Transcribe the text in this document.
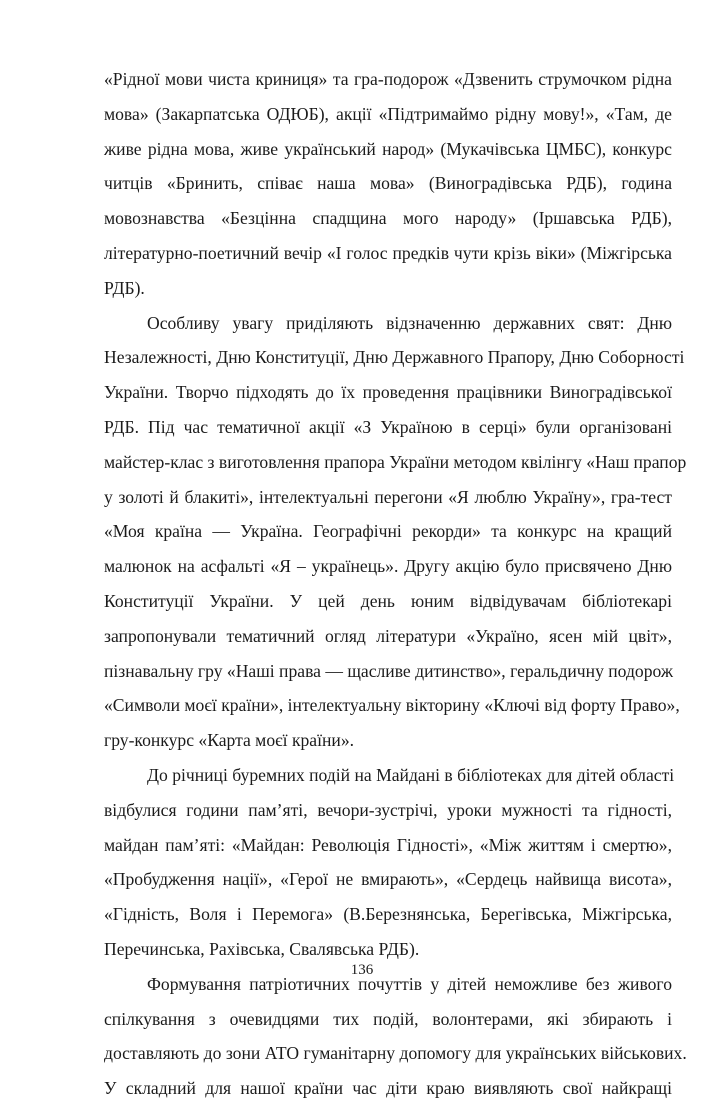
«Рідної мови чиста криниця» та гра-подорож «Дзвенить струмочком рідна
мова» (Закарпатська ОДЮБ), акції «Підтримаймо рідну мову!», «Там, де
живе рідна мова, живе український народ» (Мукачівська ЦМБС), конкурс
читців «Бринить, співає наша мова» (Виноградівська РДБ), година
мовознавства «Безцінна спадщина мого народу» (Іршавська РДБ),
літературно-поетичний вечір «І голос предків чути крізь віки» (Міжгірська
РДБ).
Особливу увагу приділяють відзначенню державних свят: Дню
Незалежності, Дню Конституції, Дню Державного Прапору, Дню Соборності
України. Творчо підходять до їх проведення працівники Виноградівської
РДБ. Під час тематичної акції «З Україною в серці» були організовані
майстер-клас з виготовлення прапора України методом квілінгу «Наш прапор
у золоті й блакиті», інтелектуальні перегони «Я люблю Україну», гра-тест
«Моя країна — Україна. Географічні рекорди» та конкурс на кращий
малюнок на асфальті «Я – українець». Другу акцію було присвячено Дню
Конституції України. У цей день юним відвідувачам бібліотекарі
запропонували тематичний огляд літератури «Україно, ясен мій цвіт»,
пізнавальну гру «Наші права — щасливе дитинство», геральдичну подорож
«Символи моєї країни», інтелектуальну вікторину «Ключі від форту Право»,
гру-конкурс «Карта моєї країни».
До річниці буремних подій на Майдані в бібліотеках для дітей області
відбулися години пам’яті, вечори-зустрічі, уроки мужності та гідності,
майдан пам’яті: «Майдан: Революція Гідності», «Між життям і смертю»,
«Пробудження нації», «Герої не вмирають», «Сердець найвища висота»,
«Гідність, Воля і Перемога» (В.Березнянська, Берегівська, Міжгірська,
Перечинська, Рахівська, Свалявська РДБ).
Формування патріотичних почуттів у дітей неможливе без живого
спілкування з очевидцями тих подій, волонтерами, які збирають і
доставляють до зони АТО гуманітарну допомогу для українських військових.
У складний для нашої країни час діти краю виявляють свої найкращі
136
